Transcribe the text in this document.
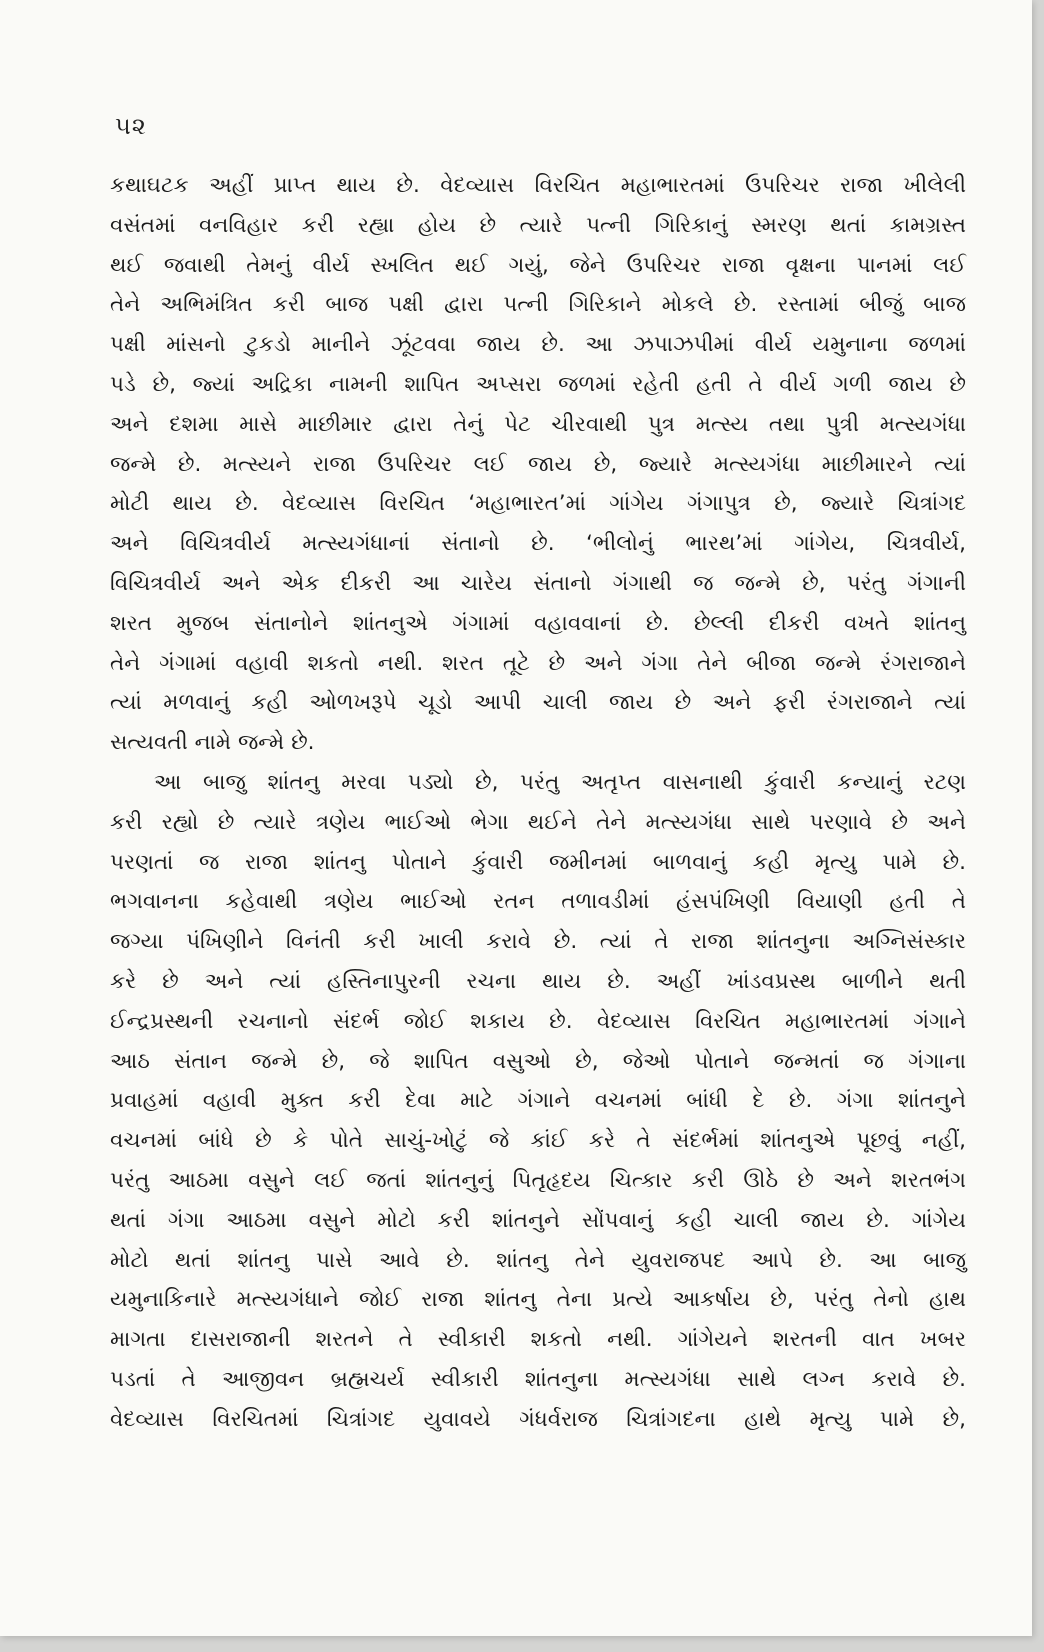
૫૨

કથાઘટક અહીં પ્રાપ્ત થાય છે. વેદવ્યાસ વિરચિત મહાભારતમાં ઉપરિચર રાજા ખીલેલી

વસંતમાં વનવિહાર કરી રહ્યા હોય છે ત્યારે પત્ની ગિરિકાનું સ્મરણ થતાં કામગ્રસ્ત

થઈ જવાથી તેમનું વીર્ય સ્ખલિત થઈ ગયું, જેને ઉપરિચર રાજા વૃક્ષના પાનમાં લઈ

તેને અભિમંત્રિત કરી બાજ પક્ષી દ્વારા પત્ની ગિરિકાને મોકલે છે. રસ્તામાં બીજું બાજ

પક્ષી માંસનો ટુકડો માનીને ઝૂંટવવા જાય છે. આ ઝપાઝપીમાં વીર્ય યમુનાના જળમાં

પડે છે, જ્યાં અદ્રિકા નામની શાપિત અપ્સરા જળમાં રહેતી હતી તે વીર્ય ગળી જાય છે

અને દશમા માસે માછીમાર દ્વારા તેનું પેટ ચીરવાથી પુત્ર મત્સ્ય તથા પુત્રી મત્સ્યગંધા

જન્મે છે. મત્સ્યને રાજા ઉપરિચર લઈ જાય છે, જ્યારે મત્સ્યગંધા માછીમારને ત્યાં

મોટી થાય છે. વેદવ્યાસ વિરચિત ‘મહાભારત’માં ગાંગેય ગંગાપુત્ર છે, જ્યારે ચિત્રાંગદ

અને વિચિત્રવીર્ય મત્સ્યગંધાનાં સંતાનો છે. ‘ભીલોનું ભારથ’માં ગાંગેય, ચિત્રવીર્ય,

વિચિત્રવીર્ય અને એક દીકરી આ ચારેય સંતાનો ગંગાથી જ જન્મે છે, પરંતુ ગંગાની

શરત મુજબ સંતાનોને શાંતનુએ ગંગામાં વહાવવાનાં છે. છેલ્લી દીકરી વખતે શાંતનુ

તેને ગંગામાં વહાવી શકતો નથી. શરત તૂટે છે અને ગંગા તેને બીજા જન્મે રંગરાજાને

ત્યાં મળવાનું કહી ઓળખરૂપે ચૂડો આપી ચાલી જાય છે અને ફરી રંગરાજાને ત્યાં

સત્યવતી નામે જન્મે છે.

આ બાજુ શાંતનુ મરવા પડ્યો છે, પરંતુ અતૃપ્ત વાસનાથી કુંવારી કન્યાનું રટણ

કરી રહ્યો છે ત્યારે ત્રણેય ભાઈઓ ભેગા થઈને તેને મત્સ્યગંધા સાથે પરણાવે છે અને

પરણતાં જ રાજા શાંતનુ પોતાને કુંવારી જમીનમાં બાળવાનું કહી મૃત્યુ પામે છે.

ભગવાનના કહેવાથી ત્રણેય ભાઈઓ રતન તળાવડીમાં હંસપંખિણી વિયાણી હતી તે

જગ્યા પંખિણીને વિનંતી કરી ખાલી કરાવે છે. ત્યાં તે રાજા શાંતનુના અગ્નિસંસ્કાર

કરે છે અને ત્યાં હસ્તિનાપુરની રચના થાય છે. અહીં ખાંડવપ્રસ્થ બાળીને થતી

ઈન્દ્રપ્રસ્થની રચનાનો સંદર્ભ જોઈ શકાય છે. વેદવ્યાસ વિરચિત મહાભારતમાં ગંગાને

આઠ સંતાન જન્મે છે, જે શાપિત વસુઓ છે, જેઓ પોતાને જન્મતાં જ ગંગાના

પ્રવાહમાં વહાવી મુક્ત કરી દેવા માટે ગંગાને વચનમાં બાંધી દે છે. ગંગા શાંતનુને

વચનમાં બાંધે છે કે પોતે સાચું-ખોટું જે કાંઈ કરે તે સંદર્ભમાં શાંતનુએ પૂછવું નહીં,

પરંતુ આઠમા વસુને લઈ જતાં શાંતનુનું પિતૃહૃદય ચિત્કાર કરી ઊઠે છે અને શરતભંગ

થતાં ગંગા આઠમા વસુને મોટો કરી શાંતનુને સોંપવાનું કહી ચાલી જાય છે. ગાંગેય

મોટો થતાં શાંતનુ પાસે આવે છે. શાંતનુ તેને યુવરાજપદ આપે છે. આ બાજુ

યમુનાકિનારે મત્સ્યગંધાને જોઈ રાજા શાંતનુ તેના પ્રત્યે આકર્ષાય છે, પરંતુ તેનો હાથ

માગતા દાસરાજાની શરતને તે સ્વીકારી શકતો નથી. ગાંગેયને શરતની વાત ખબર

પડતાં તે આજીવન બ્રહ્મચર્ય સ્વીકારી શાંતનુના મત્સ્યગંધા સાથે લગ્ન કરાવે છે.

વેદવ્યાસ વિરચિતમાં ચિત્રાંગદ યુવાવયે ગંધર્વરાજ ચિત્રાંગદના હાથે મૃત્યુ પામે છે,
